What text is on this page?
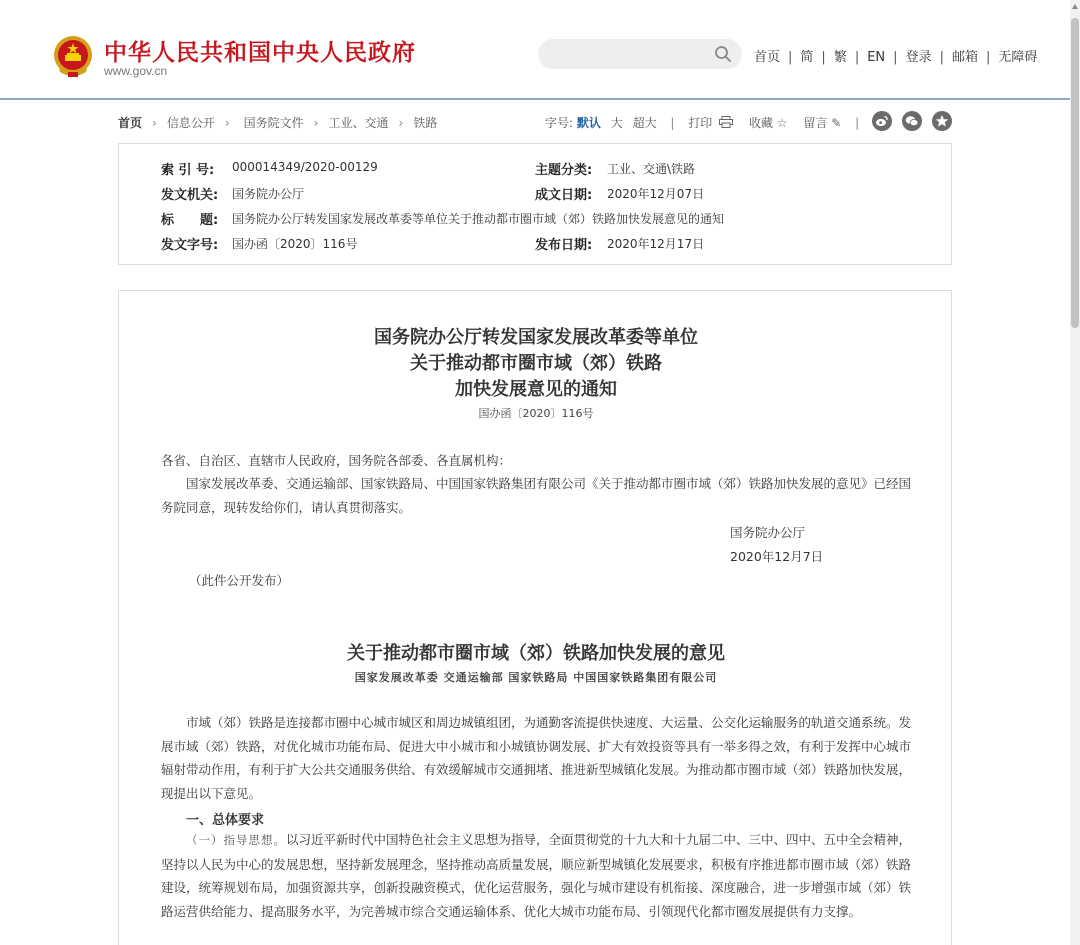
中华人民共和国中央人民政府
www.gov.cn
首页 | 简 | 繁 | EN | 登录 | 邮箱 | 无障碍
首页 › 信息公开 › 国务院文件 › 工业、交通 › 铁路	字号: 默认 大 超大 | 打印	收藏 ☆ 留言 ✎ |
索 引 号: 000014349/2020-00129	主题分类: 工业、交通\铁路
发文机关: 国务院办公厅	成文日期: 2020年12月07日
标　　题: 国务院办公厅转发国家发展改革委等单位关于推动都市圈市域（郊）铁路加快发展意见的通知
发文字号: 国办函〔2020〕116号	发布日期: 2020年12月17日
国务院办公厅转发国家发展改革委等单位
关于推动都市圈市域（郊）铁路
加快发展意见的通知
国办函〔2020〕116号
各省、自治区、直辖市人民政府，国务院各部委、各直属机构：
国家发展改革委、交通运输部、国家铁路局、中国国家铁路集团有限公司《关于推动都市圈市域（郊）铁路加快发展的意见》已经国务院同意，现转发给你们，请认真贯彻落实。
国务院办公厅
2020年12月7日
（此件公开发布）
关于推动都市圈市域（郊）铁路加快发展的意见
国家发展改革委 交通运输部 国家铁路局 中国国家铁路集团有限公司
市域（郊）铁路是连接都市圈中心城市城区和周边城镇组团，为通勤客流提供快速度、大运量、公交化运输服务的轨道交通系统。发展市域（郊）铁路，对优化城市功能布局、促进大中小城市和小城镇协调发展、扩大有效投资等具有一举多得之效，有利于发挥中心城市辐射带动作用，有利于扩大公共交通服务供给、有效缓解城市交通拥堵、推进新型城镇化发展。为推动都市圈市域（郊）铁路加快发展，现提出以下意见。
一、总体要求
（一）指导思想。以习近平新时代中国特色社会主义思想为指导，全面贯彻党的十九大和十九届二中、三中、四中、五中全会精神，坚持以人民为中心的发展思想，坚持新发展理念，坚持推动高质量发展，顺应新型城镇化发展要求，积极有序推进都市圈市域（郊）铁路建设，统筹规划布局，加强资源共享，创新投融资模式，优化运营服务，强化与城市建设有机衔接、深度融合，进一步增强市域（郊）铁路运营供给能力、提高服务水平，为完善城市综合交通运输体系、优化大城市功能布局、引领现代化都市圈发展提供有力支撑。
